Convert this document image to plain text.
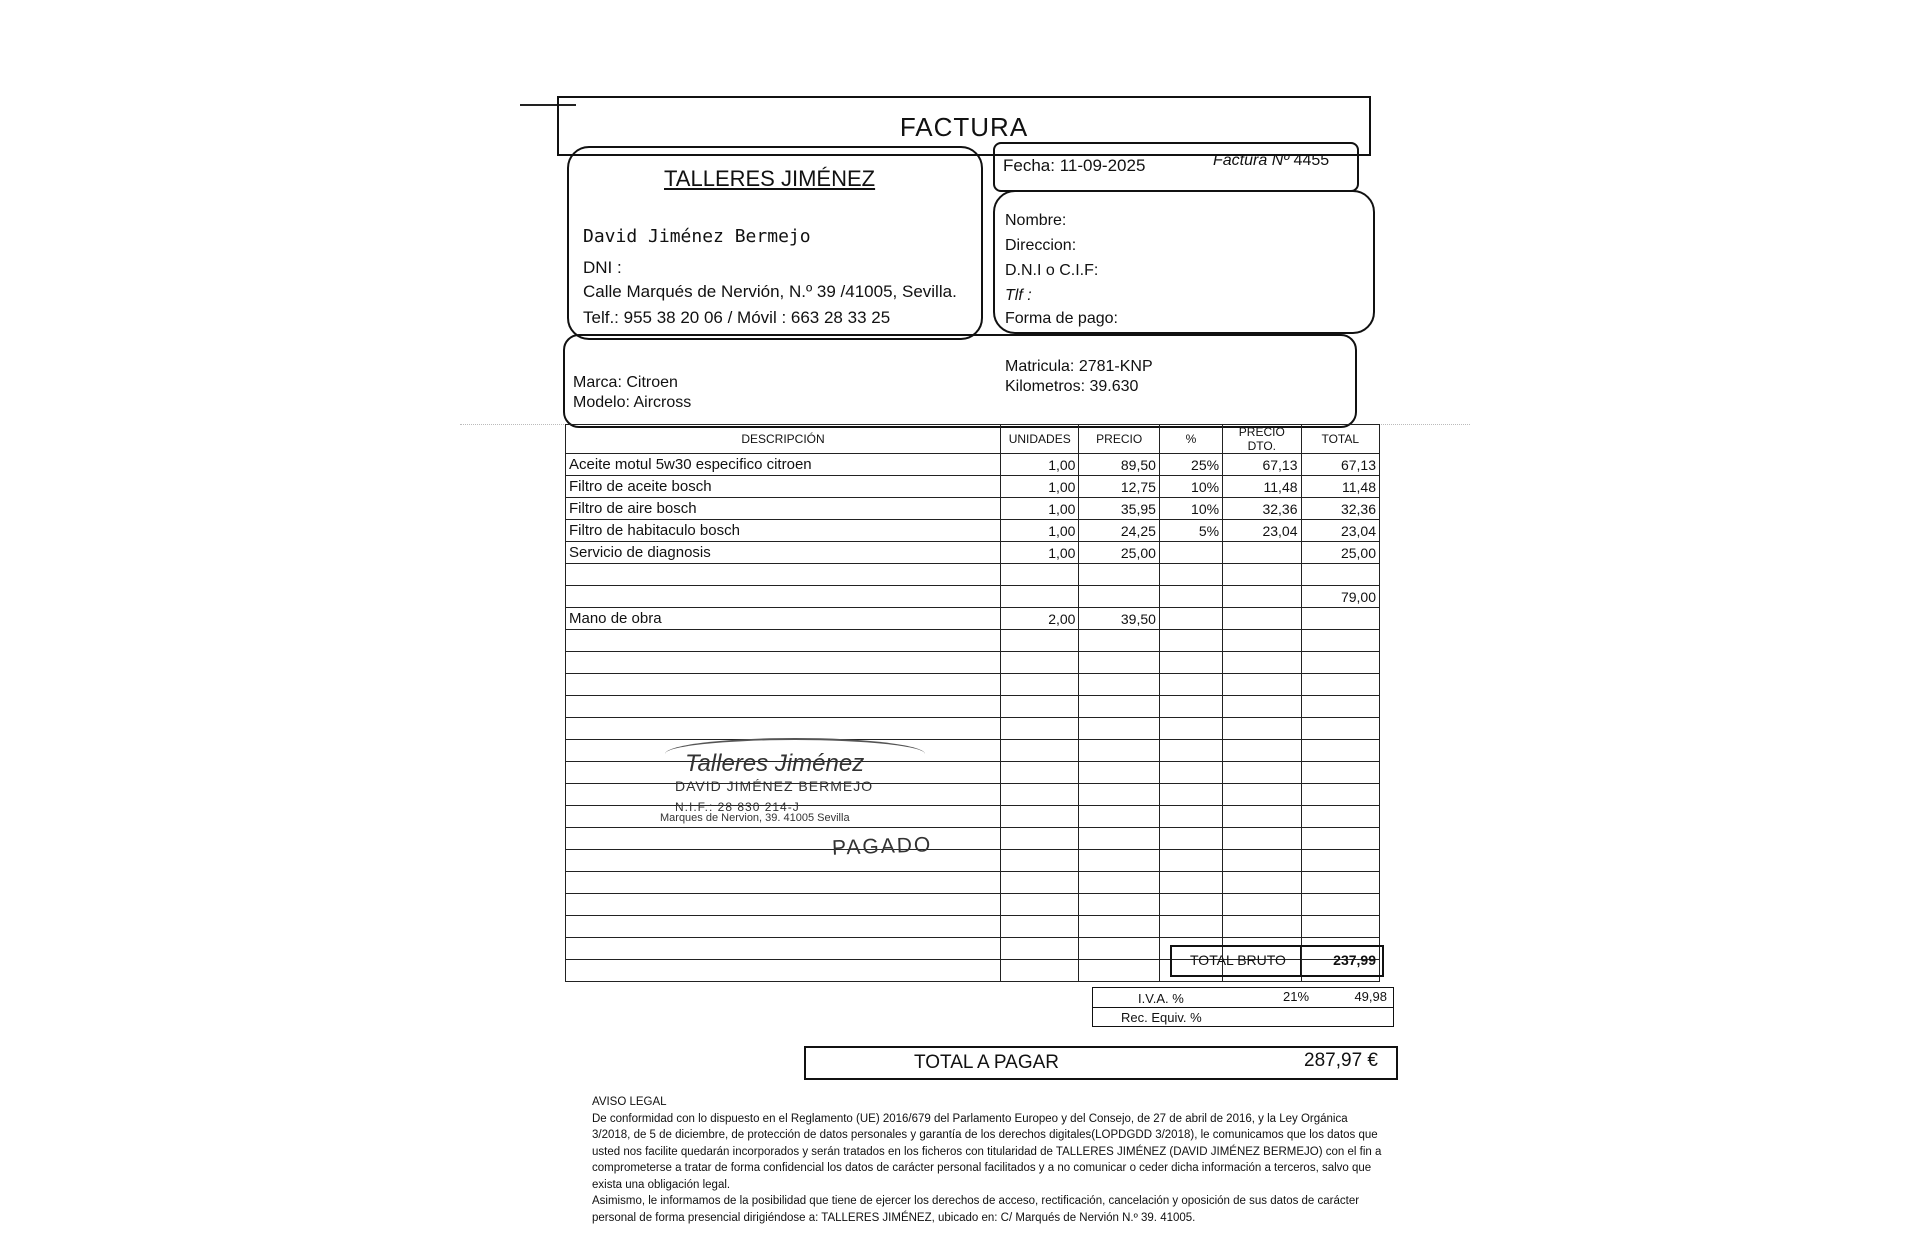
FACTURA
TALLERES JIMÉNEZ
David Jiménez Bermejo
DNI :
Calle Marqués de Nervión, N.º 39 /41005, Sevilla.
Telf.: 955 38 20 06 / Móvil : 663 28 33 25
Fecha: 11-09-2025	Factura Nº 4455
Nombre:
Direccion:
D.N.I o C.I.F:
Tlf :
Forma de pago:
Marca: Citroen
Modelo: Aircross
Matricula: 2781-KNP
Kilometros: 39.630
DESCRIPCIÓN	UNIDADES	PRECIO	%	PRECIO DTO.	TOTAL
Aceite motul 5w30 especifico citroen	1,00	89,50	25%	67,13	67,13
Filtro de aceite bosch	1,00	12,75	10%	11,48	11,48
Filtro de aire bosch	1,00	35,95	10%	32,36	32,36
Filtro de habitaculo bosch	1,00	24,25	5%	23,04	23,04
Servicio de diagnosis	1,00	25,00			25,00

					79,00
Mano de obra	2,00	39,50			

Talleres Jiménez
DAVID JIMÉNEZ BERMEJO
N.I.F.: 28 830 214-J
Marques de Nervion, 39. 41005 Sevilla
PAGADO
TOTAL BRUTO	237,99
I.V.A. %	21%	49,98
Rec. Equiv. %
TOTAL A PAGAR	287,97 €
AVISO LEGAL
De conformidad con lo dispuesto en el Reglamento (UE) 2016/679 del Parlamento Europeo y del Consejo, de 27 de abril de 2016, y la Ley Orgánica 3/2018, de 5 de diciembre, de protección de datos personales y garantía de los derechos digitales(LOPDGDD 3/2018), le comunicamos que los datos que usted nos facilite quedarán incorporados y serán tratados en los ficheros con titularidad de TALLERES JIMÉNEZ (DAVID JIMÉNEZ BERMEJO) con el fin a comprometerse a tratar de forma confidencial los datos de carácter personal facilitados y a no comunicar o ceder dicha información a terceros, salvo que exista una obligación legal.
Asimismo, le informamos de la posibilidad que tiene de ejercer los derechos de acceso, rectificación, cancelación y oposición de sus datos de carácter personal de forma presencial dirigiéndose a: TALLERES JIMÉNEZ, ubicado en: C/ Marqués de Nervión N.º 39. 41005.
